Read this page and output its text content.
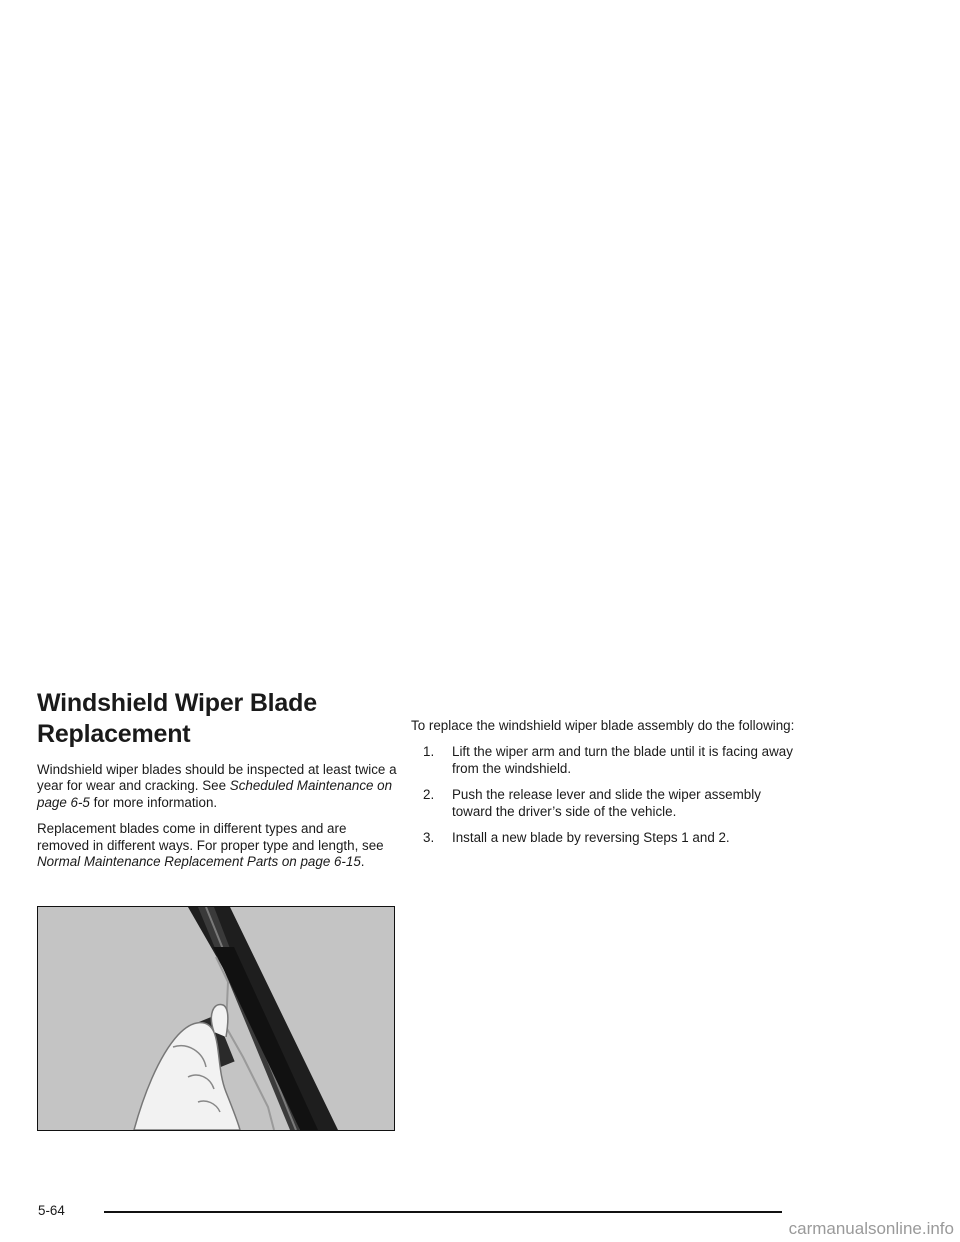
Windshield Wiper Blade
Replacement

Windshield wiper blades should be inspected at least twice a year for wear and cracking. See Scheduled Maintenance on page 6-5 for more information.

Replacement blades come in different types and are removed in different ways. For proper type and length, see Normal Maintenance Replacement Parts on page 6-15.

To replace the windshield wiper blade assembly do the following:

1. Lift the wiper arm and turn the blade until it is facing away from the windshield.
2. Push the release lever and slide the wiper assembly toward the driver’s side of the vehicle.
3. Install a new blade by reversing Steps 1 and 2.
5-64
carmanualsonline.info
